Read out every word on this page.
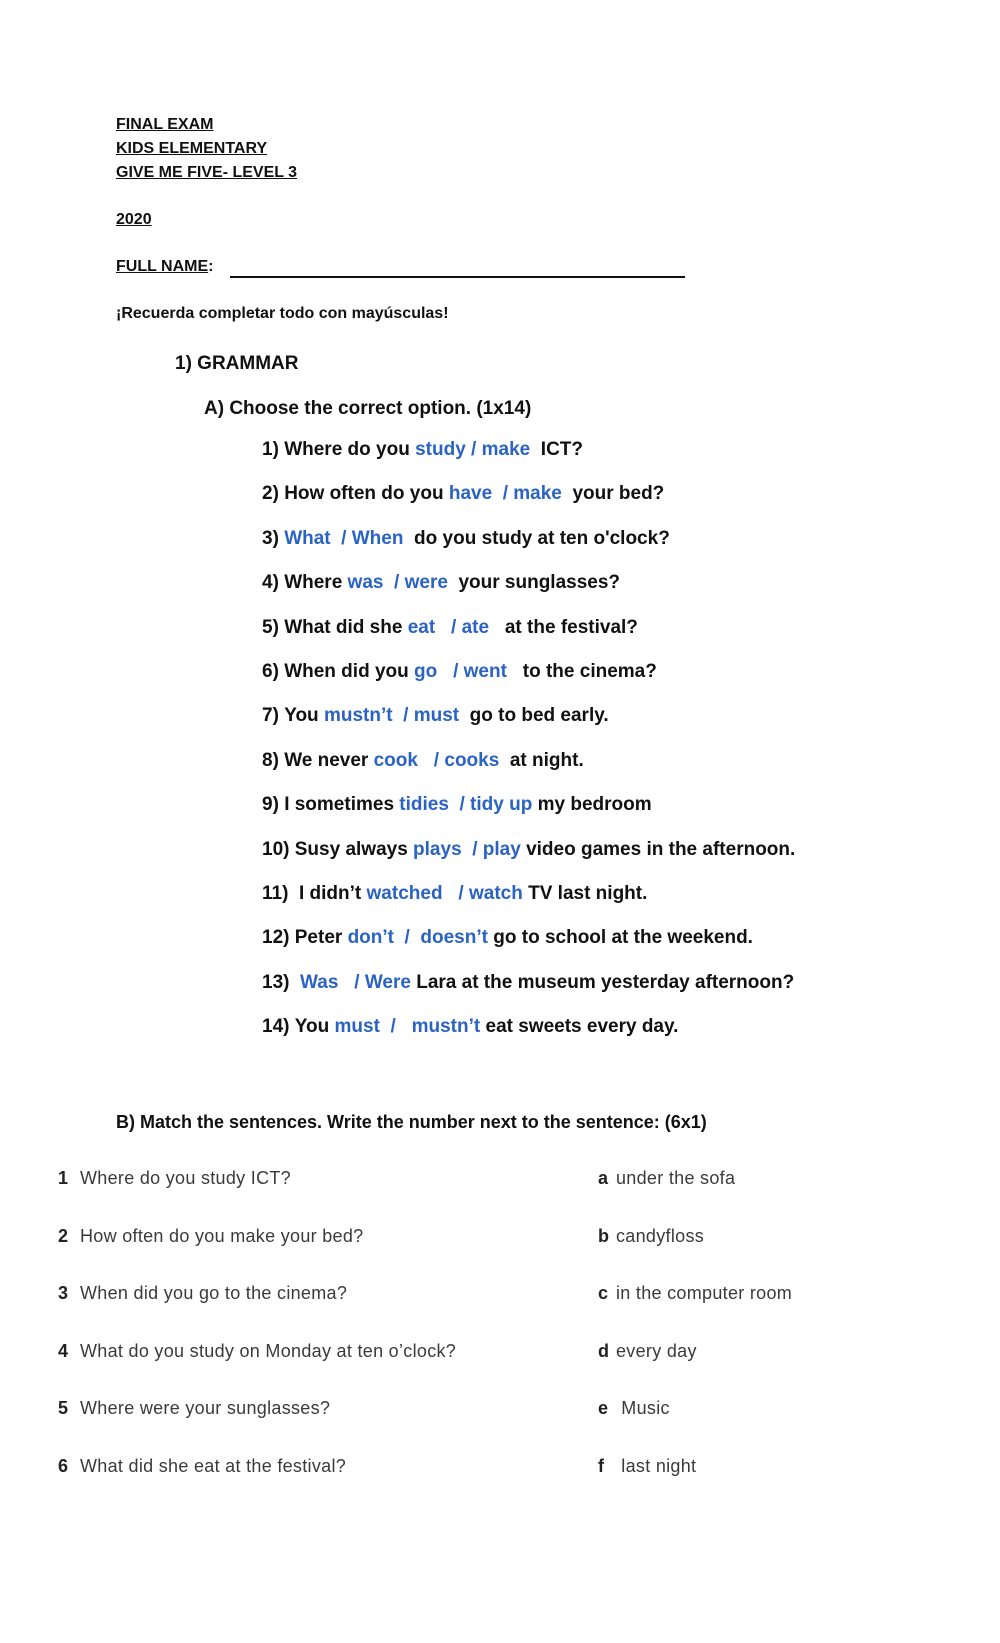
FINAL EXAM
KIDS ELEMENTARY
GIVE ME FIVE- LEVEL 3
2020
FULL NAME:
¡Recuerda completar todo con mayúsculas!
1) GRAMMAR
A) Choose the correct option. (1x14)
1) Where do you study / make  ICT?
2) How often do you have  / make  your bed?
3) What  / When  do you study at ten o'clock?
4) Where was  / were  your sunglasses?
5) What did she eat   / ate   at the festival?
6) When did you go   / went   to the cinema?
7) You mustn’t  / must  go to bed early.
8) We never cook   / cooks  at night.
9) I sometimes tidies  / tidy up my bedroom
10) Susy always plays  / play video games in the afternoon.
11)  I didn’t watched   / watch TV last night.
12) Peter don’t  /  doesn’t go to school at the weekend.
13)  Was   / Were Lara at the museum yesterday afternoon?
14) You must  /   mustn’t eat sweets every day.
B) Match the sentences. Write the number next to the sentence: (6x1)
1 Where do you study ICT?
2 How often do you make your bed?
3 When did you go to the cinema?
4 What do you study on Monday at ten o’clock?
5 Where were your sunglasses?
6 What did she eat at the festival?
a under the sofa
b candyfloss
c in the computer room
d every day
e Music
f last night
